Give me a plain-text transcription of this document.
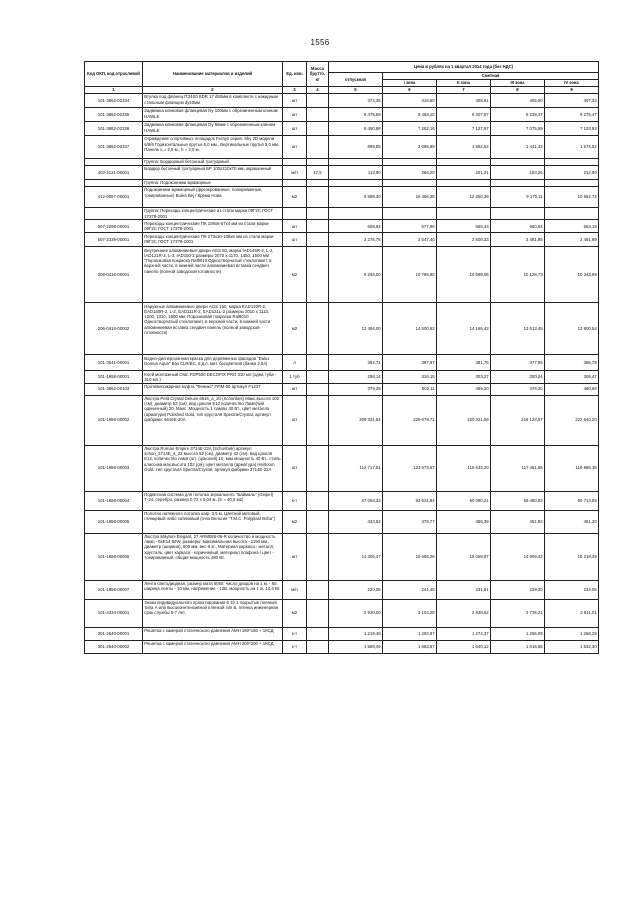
1556
Код ОКП, код отраслевой	Наименование материалов и изделий	Ед. изм.	Масса брутто, кг	Цена в рублях на 1 квартал 2014 года (без НДС)				
				отпускная	Сметная			
					I зона	II зона	III зона	IV зона
1	2	3	4	5	6	7	8	9
101-3862-02334	Втулка под фланец ПЭ100 SDR 17 d50мм в комплекте с накидным стальным фланцем dy40мм	шт		372,35	416,60	408,91	405,90	407,33
101-3862-02335	Задвижка клиновая фланцевая Dy 100мм с обрезиненным клином HAWLE	шт		8 475,69	9 483,10	9 307,87	9 239,47	9 276,47
101-3862-02336	Задвижка клиновая фланцевая Dy 65мм с обрезиненным клином HAWLE	шт		6 490,88	7 262,16	7 127,97	7 075,59	7 103,93
101-3862-02337	Ограждение спортивных площадок Ferays серия. Sky 2D модели 6/5/6 Горизонтальные прутья 6,0 мм., Вертикальные прутья 5,0 мм. Панель L = 2,5 м., h = 2,0 м.	шт		895,85	2 085,89	1 582,52	1 441,42	1 674,52
	Группа: Бордюрный бетонный тротуарный							
403-2121-00001	Бордюр бетонный тротуарный БР 100х210х70 мм, окрашенный	м/п	17,5	113,90	265,20	201,21	183,26	212,90
	Группа: Подоконники мраморные							
412-0057-00001	Подоконники мраморный (фрезерованные, полированные, тонированные) Bulea Bej / Крема Нова	м2		6 589,30	16 456,38	12 250,38	9 170,11	10 662,72
	Группа: Переходы концентрические из стали марки 09Г2С ГОСТ 17378-2001							
507-2298-00001	Переходы концентрические ПК 108х6-57х4 мм из стали марки 09Г2С ГОСТ 17378-2001	шт		605,94	677,96	665,43	660,54	663,19
507-2339-00001	Переходы концентрические ПК 273х10-108х6 мм из стали марки 09Г2С ГОСТ 17378-2001	шт		2 276,78	2 547,40	2 500,33	2 481,95	2 491,89
206-0416-00001	Внутренние алюминиевые двери AGS 50, марка IAD145R-2, L-2, IAD121R-3, L-3, IAD150-2 размеры 2070 х 1170, 1450, 1500 мм "Порошковая покраска Ral9010 Одностворчатый стеклопакет, в верхней части, в нижней части алюминиевая вставка сендвич панель (полной заводской готовности)	м2		9 294,00	10 786,90	10 598,06	10 128,73	10 343,69
206-0416-00002	Наружные алюминиевые двери AGS 160, марка EAD120R-2, EAD160R-2, L-2, EAD111R-2, EAD131L-2 размеры 2010 х 1110, 1200, 1310, 1600 мм. Порошковая покраска Ral9010 Одностворчатый стеклопакет, в верхней части, в нижней части алюминиевая вставка сендвич панель (полной заводской готовности)	м2		12 494,00	14 500,92	14 165,43	13 513,45	13 800,54
101-3041-00001	Водно-дисперсионная краска для деревянных фасадов "Dulux Domus Aqua" Баз CLR/BC, в д.п. мат. бесцветная (банка 2,5л)	л		362,71	397,97	381,75	377,95	385,78
101-1958-00001	Клей монтажный Orac FDP500 DECOFIX PRO 310 мл (одна туба - 310 мл.)	1 туб		298,14	316,15	303,27	300,24	306,47
101-3862-00103	Противопожарная муфта "Феникс" ППМ-50 артикул F1237	шт		379,25	502,11	469,20	476,20	480,66
101-1958-00002	Люстра Petit Crystal Deluxe 6616_a_20 (Schonbek) Макс.высота 102 (см), диаметр 53 (см), вид цоколя E12 количество Ламп(чий одиночный) 20, Макс. Мощность 1 лампы 40 Вт., цвет металла (арматура) Polished Gold, тип хрусталя Spectra/Crystal, артикул фабрики: 6616E-20A	шт		209 331,64	229 678,71	220 321,59	218 123,57	222 640,20
101-1958-00003	Люстра Roman Empire 3714E-22A (Schonbek) артикул schon_3714E_a_22 высота 52 (см), диаметр 42 (см), вид цоколя E12, количество ламп (шт. (цоколей) 10, мах.мощность 40 Вт., стиль классика мах.высота 102 (см), цвет металла (арматура) Heirloom Gold, тип хрусталя Spectra/Crystal, артикул фабрики 3714E-22A	шт		112 717,51	123 673,67	118 633,20	117 451,65	119 886,38
101-1958-00004	Подвесная система для потолка зеркального "Баймаль" (Geipel) Т-24, серебро, размер 0,72 х 5,04 м, (S = 40,5 м2)	к-т		57 053,33	62 631,84	60 080,21	59 480,83	60 713,65
101-1958-00005	Полотно натяжного потолка шир. 3,5 м. Цветной матовый, глянцевый либо сатиновый (п-во Бельгия "Т.М.С. Polyplast Bvba")	м2		433,62	475,77	456,39	451,83	461,20
101-1958-00006	Люстра Maytoni Elegant, 27 ARM085-06-R количество и мощность ламп - 6хE14 60W, размеры: максимальная высота - 1190 мм., диаметр (ширина), 600 мм. вес-6 кг., Материал каркаса - металл, хрусталь, цвет каркаса - коричневый, материал плафона / цвет - тонированный, общая мощность 480 Вт.	шт		14 305,47	15 695,26	15 059,87	14 909,43	15 218,49
101-1958-00007	Лента светодиодная, размер мата 5050, число диодов на 1 м. - 60, ширина ленты - 10 мм, напряжение - 12В, мощность на 1 м. 14,4 Вт.	м/п		220,06	241,45	231,61	229,30	234,06
101-4334-00001	Знаки индивидуального проектирования 6 10.1 покрытые пленкой типа А или высокоинтенсивной пленкой тип Б, пленка инженерная срок службы 5-7 лет,	м2		2 830,00	3 104,28	2 939,52	2 735,21	2 811,01
301-2640-00001	Решетка с камерой статического давления АМН 150*150 + 1КСД	к-т		1 219,49	1 292,87	1 274,37	1 256,09	1 268,29
301-2640-00002	Решетка с камерой статического давления АМН 200*200 + 1КСД	к-т		1 589,49	1 663,67	1 640,12	1 616,58	1 632,30
